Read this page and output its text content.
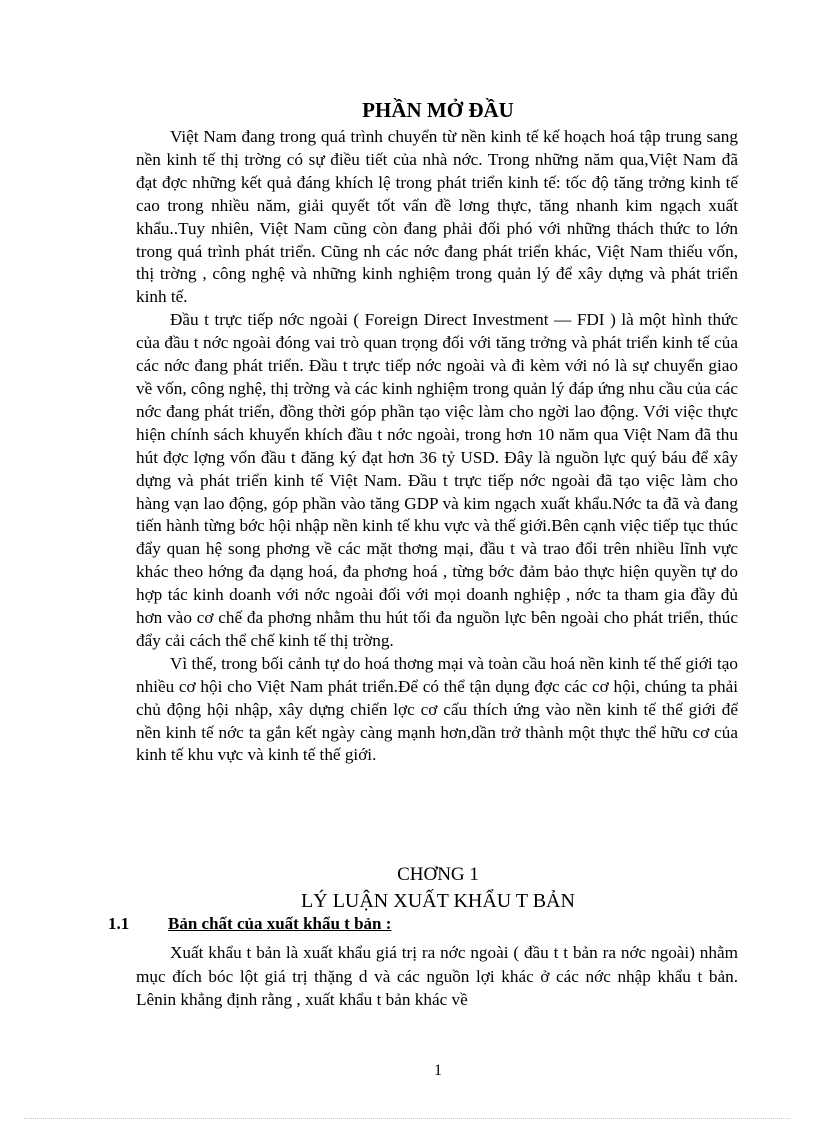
PHẦN MỞ ĐẦU

Việt Nam đang trong quá trình chuyển từ nền kinh tế kế hoạch hoá tập trung sang nền kinh tế thị trờng có sự điều tiết của nhà nớc. Trong những năm qua,Việt Nam đã đạt đợc những kết quả đáng khích lệ trong phát triển kinh tế: tốc độ tăng trởng kinh tế cao trong nhiều năm, giải quyết tốt vấn đề lơng thực, tăng nhanh kim ngạch xuất khẩu..Tuy nhiên, Việt Nam cũng còn đang phải đối phó với những thách thức to lớn trong quá trình phát triển. Cũng nh các nớc đang phát triển khác, Việt Nam thiếu vốn, thị trờng , công nghệ và những kinh nghiệm trong quản lý để xây dựng và phát triển kinh tế.

Đầu t trực tiếp nớc ngoài ( Foreign Direct Investment — FDI ) là một hình thức của đầu t nớc ngoài đóng vai trò quan trọng đối với tăng trởng và phát triển kinh tế của các nớc đang phát triển. Đầu t trực tiếp nớc ngoài và đi kèm với nó là sự chuyển giao về vốn, công nghệ, thị trờng và các kinh nghiệm trong quản lý đáp ứng nhu cầu của các nớc đang phát triển, đồng thời góp phần tạo việc làm cho ngời lao động. Với việc thực hiện chính sách khuyến khích đầu t nớc ngoài, trong hơn 10 năm qua Việt Nam đã thu hút đợc lợng vốn đầu t đăng ký đạt hơn 36 tỷ USD. Đây là nguồn lực quý báu để xây dựng và phát triển kinh tế Việt Nam. Đầu t trực tiếp nớc ngoài đã tạo việc làm cho hàng vạn lao động, góp phần vào tăng GDP và kim ngạch xuất khẩu.Nớc ta đã và đang tiến hành từng bớc hội nhập nền kinh tế khu vực và thế giới.Bên cạnh việc tiếp tục thúc đẩy quan hệ song phơng về các mặt thơng mại, đầu t và trao đổi trên nhiều lĩnh vực khác theo hớng đa dạng hoá, đa phơng hoá , từng bớc đảm bảo thực hiện quyền tự do hợp tác kinh doanh với nớc ngoài đối với mọi doanh nghiệp , nớc ta tham gia đầy đủ hơn vào cơ chế đa phơng nhằm thu hút tối đa nguồn lực bên ngoài cho phát triển, thúc đẩy cải cách thể chế kinh tế thị trờng.

Vì thế, trong bối cảnh tự do hoá thơng mại và toàn cầu hoá nền kinh tế thế giới tạo nhiều cơ hội cho Việt Nam phát triển.Để có thể tận dụng đợc các cơ hội, chúng ta phải chủ động hội nhập, xây dựng chiến lợc cơ cấu thích ứng vào nền kinh tế thế giới để nền kinh tế nớc ta gắn kết ngày càng mạnh hơn,dần trở thành một thực thể hữu cơ của kinh tế khu vực và kinh tế thế giới.

CHƠNG 1
LÝ LUẬN XUẤT KHẨU T BẢN
1.1 Bản chất của xuất khẩu t bản :

Xuất khẩu t bản là xuất khẩu giá trị ra nớc ngoài ( đầu t t bản ra nớc ngoài) nhằm mục đích bóc lột giá trị thặng d và các nguồn lợi khác ở các nớc nhập khẩu t bản. Lênin khẳng định rằng , xuất khẩu t bản khác về

1
